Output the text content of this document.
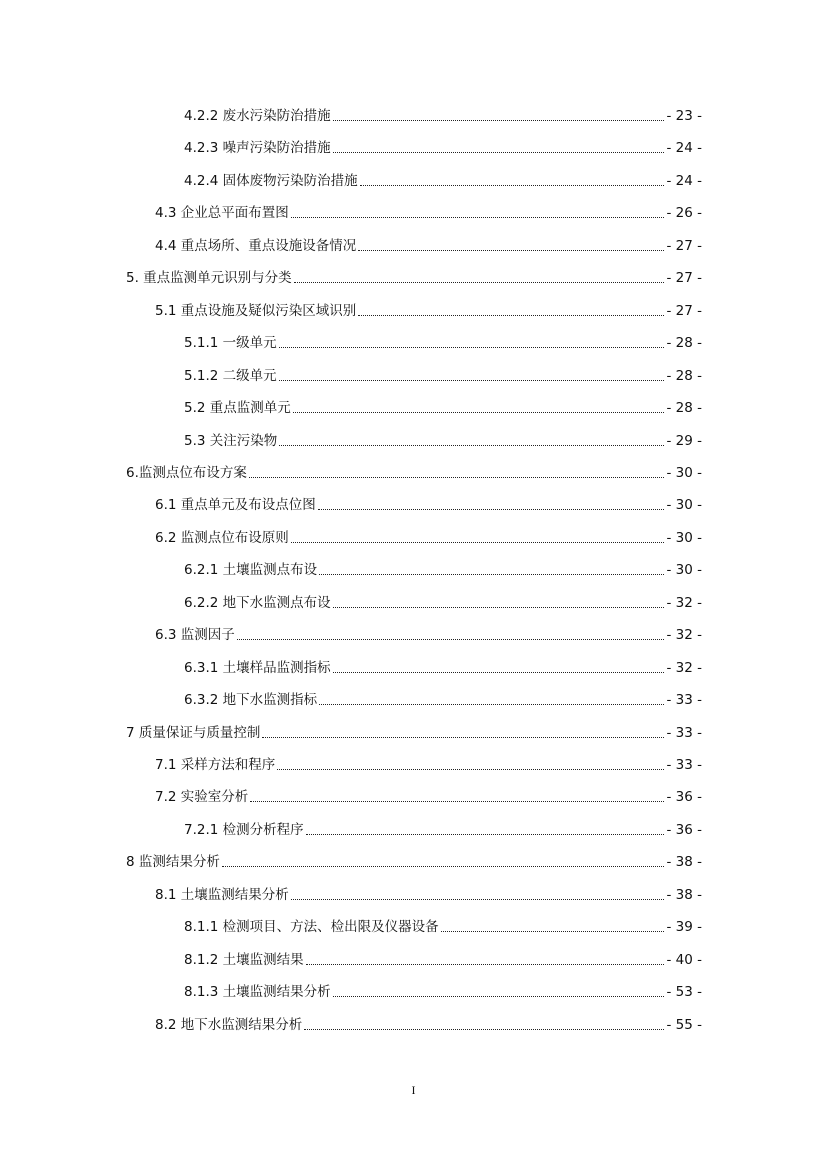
4.2.2 废水污染防治措施	- 23 -
4.2.3 噪声污染防治措施	- 24 -
4.2.4 固体废物污染防治措施	- 24 -
4.3 企业总平面布置图	- 26 -
4.4 重点场所、重点设施设备情况	- 27 -
5. 重点监测单元识别与分类	- 27 -
5.1 重点设施及疑似污染区域识别	- 27 -
5.1.1 一级单元	- 28 -
5.1.2 二级单元	- 28 -
5.2 重点监测单元	- 28 -
5.3 关注污染物	- 29 -
6.监测点位布设方案	- 30 -
6.1 重点单元及布设点位图	- 30 -
6.2 监测点位布设原则	- 30 -
6.2.1 土壤监测点布设	- 30 -
6.2.2 地下水监测点布设	- 32 -
6.3 监测因子	- 32 -
6.3.1 土壤样品监测指标	- 32 -
6.3.2 地下水监测指标	- 33 -
7 质量保证与质量控制	- 33 -
7.1 采样方法和程序	- 33 -
7.2 实验室分析	- 36 -
7.2.1 检测分析程序	- 36 -
8 监测结果分析	- 38 -
8.1 土壤监测结果分析	- 38 -
8.1.1 检测项目、方法、检出限及仪器设备	- 39 -
8.1.2 土壤监测结果	- 40 -
8.1.3 土壤监测结果分析	- 53 -
8.2 地下水监测结果分析	- 55 -
I
